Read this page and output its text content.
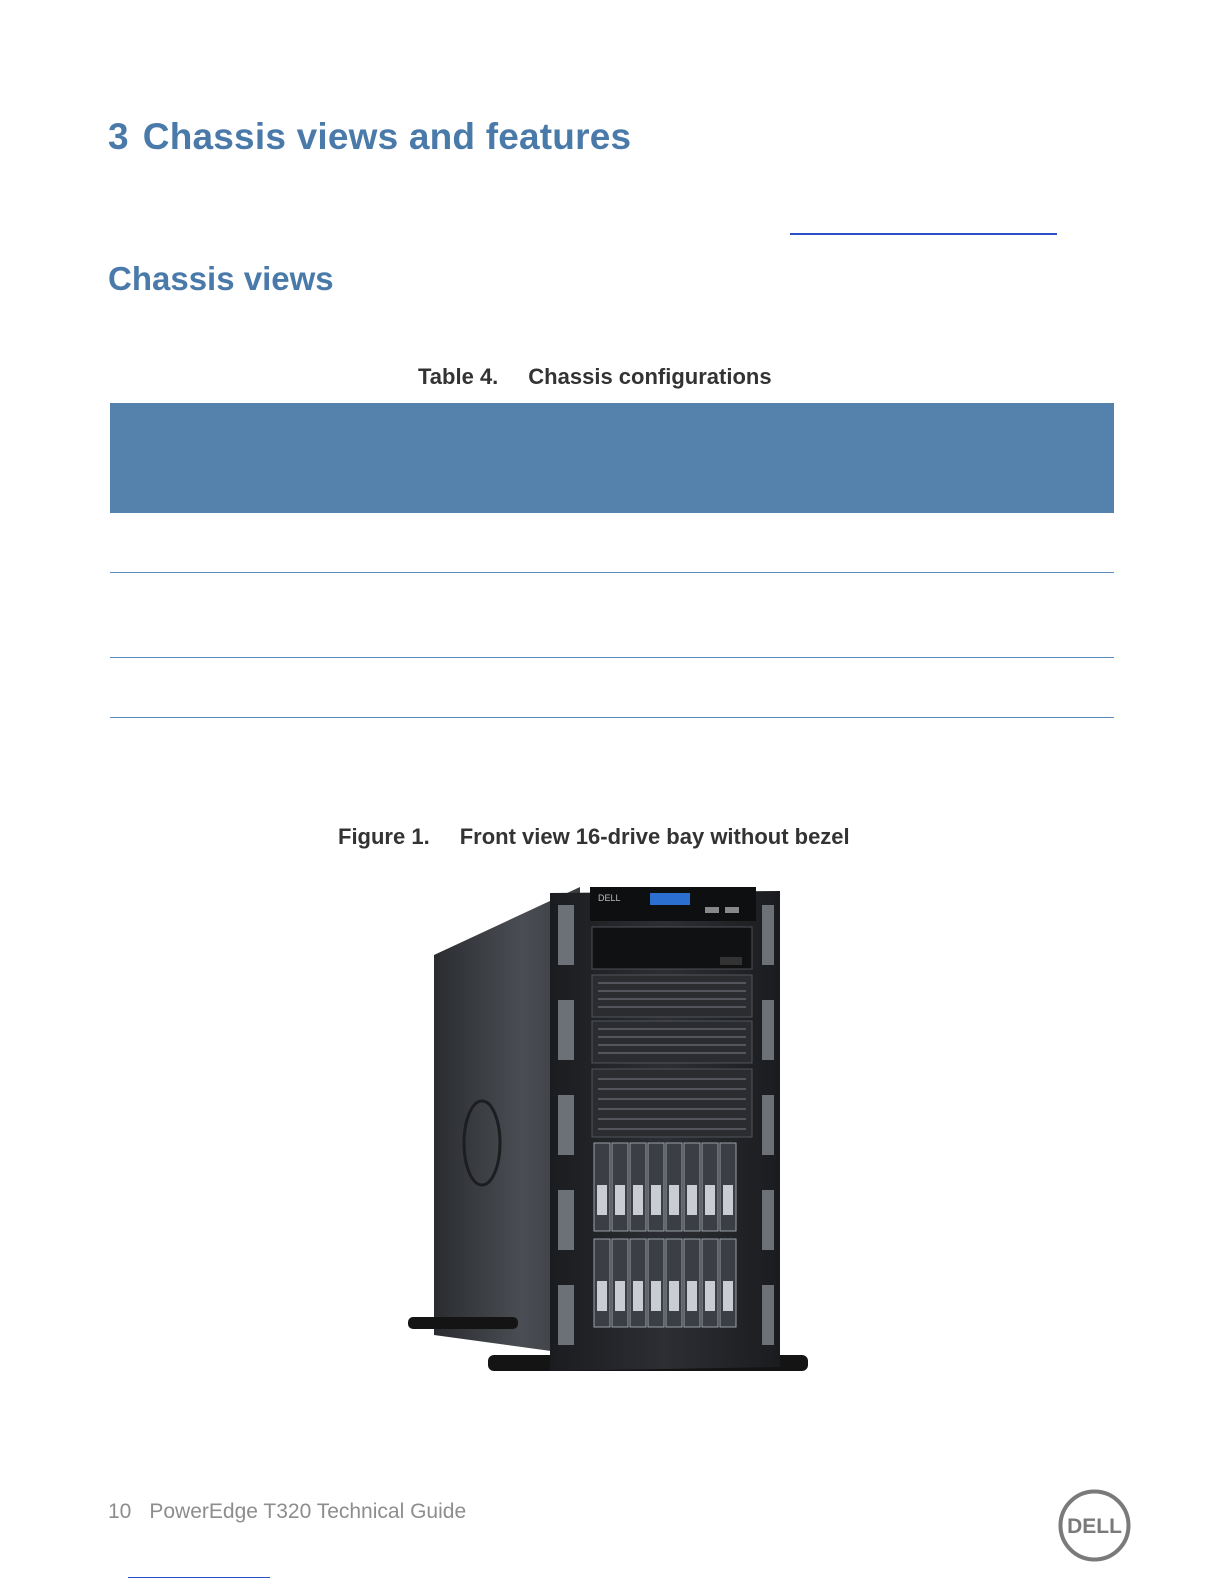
3 Chassis views and features
Chassis views
Table 4. Chassis configurations
Figure 1. Front view 16-drive bay without bezel
DELL
10 PowerEdge T320 Technical Guide
DELL
